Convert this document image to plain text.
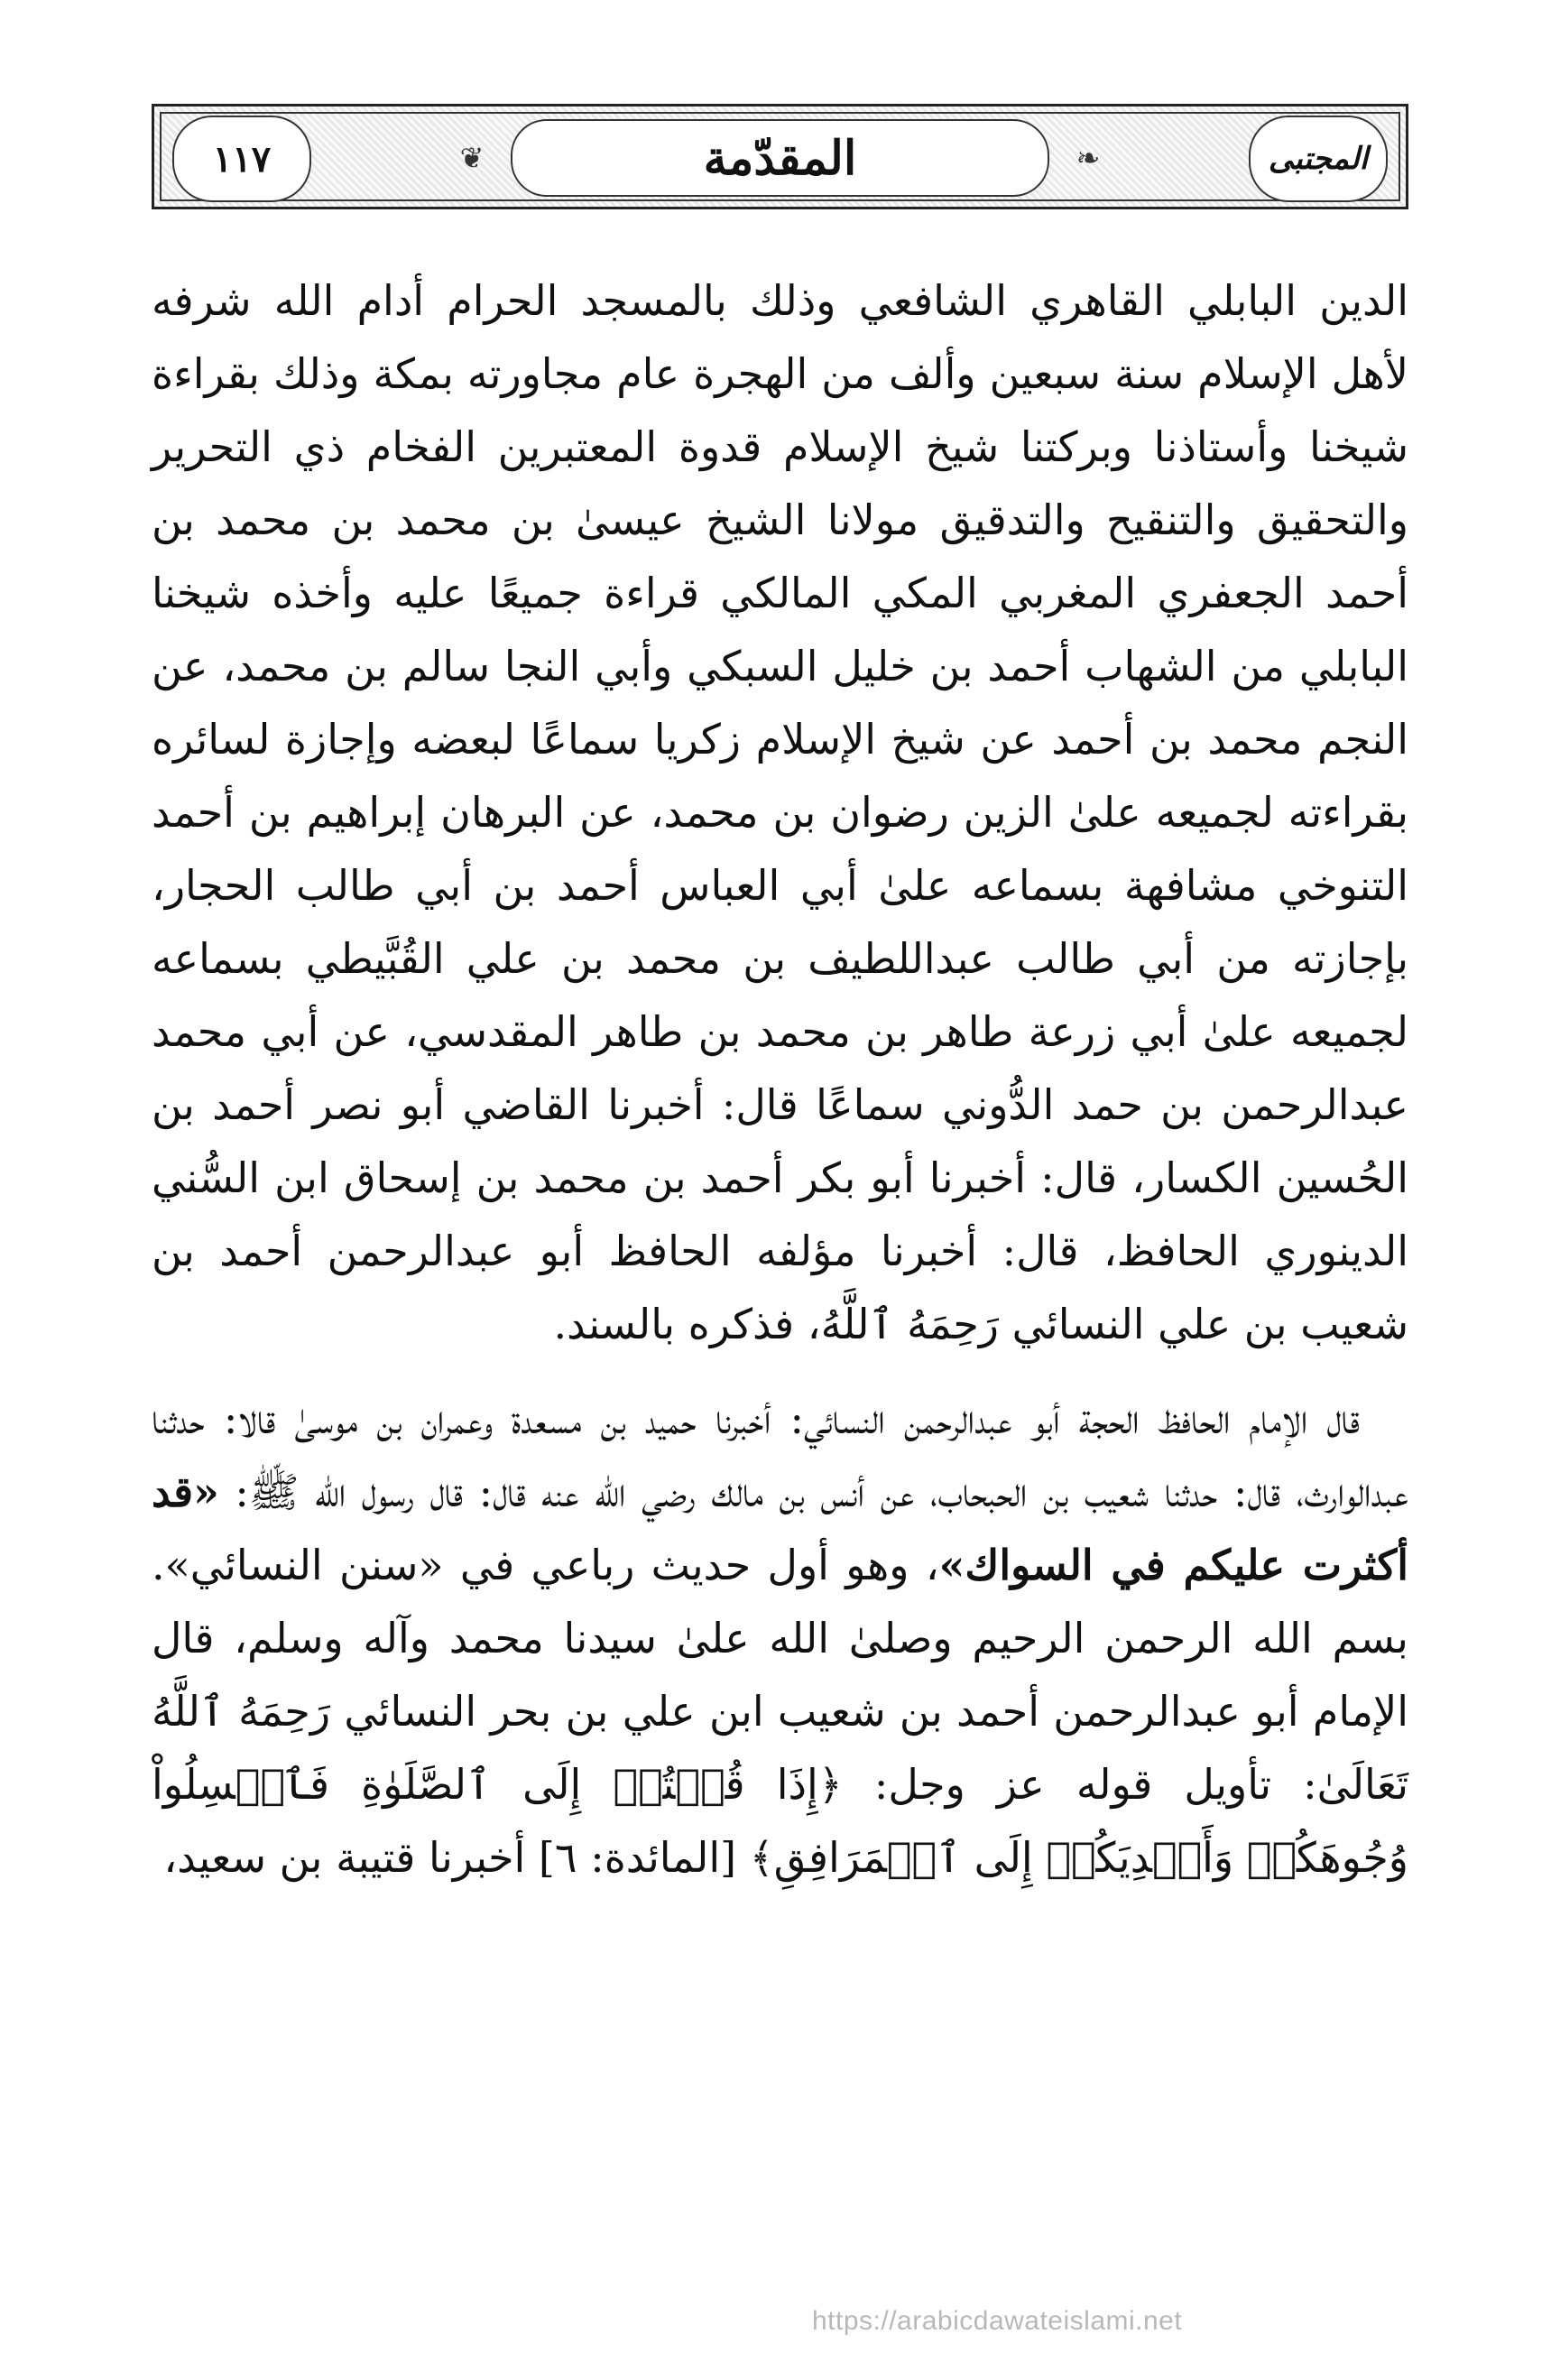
١١٧	❦	المقدّمة	❧	المجتبى

الدين البابلي القاهري الشافعي وذلك بالمسجد الحرام أدام الله شرفه لأهل الإسلام سنة سبعين وألف من الهجرة عام مجاورته بمكة وذلك بقراءة شيخنا وأستاذنا وبركتنا شيخ الإسلام قدوة المعتبرين الفخام ذي التحرير والتحقيق والتنقيح والتدقيق مولانا الشيخ عيسىٰ بن محمد بن محمد بن أحمد الجعفري المغربي المكي المالكي قراءة جميعًا عليه وأخذه شيخنا البابلي من الشهاب أحمد بن خليل السبكي وأبي النجا سالم بن محمد، عن النجم محمد بن أحمد عن شيخ الإسلام زكريا سماعًا لبعضه وإجازة لسائره بقراءته لجميعه علىٰ الزين رضوان بن محمد، عن البرهان إبراهيم بن أحمد التنوخي مشافهة بسماعه علىٰ أبي العباس أحمد بن أبي طالب الحجار، بإجازته من أبي طالب عبداللطيف بن محمد بن علي القُبَّيطي بسماعه لجميعه علىٰ أبي زرعة طاهر بن محمد بن طاهر المقدسي، عن أبي محمد عبدالرحمن بن حمد الدُّوني سماعًا قال: أخبرنا القاضي أبو نصر أحمد بن الحُسين الكسار، قال: أخبرنا أبو بكر أحمد بن محمد بن إسحاق ابن السُّني الدينوري الحافظ، قال: أخبرنا مؤلفه الحافظ أبو عبدالرحمن أحمد بن شعيب بن علي النسائي رَحِمَهُ ٱللَّهُ، فذكره بالسند.

قال الإمام الحافظ الحجة أبو عبدالرحمن النسائي: أخبرنا حميد بن مسعدة وعمران بن موسىٰ قالا: حدثنا عبدالوارث، قال: حدثنا شعيب بن الحبحاب، عن أنس بن مالك رضي الله عنه قال: قال رسول الله ﷺ: «قد أكثرت عليكم في السواك»، وهو أول حديث رباعي في «سنن النسائي». بسم الله الرحمن الرحيم وصلىٰ الله علىٰ سيدنا محمد وآله وسلم، قال الإمام أبو عبدالرحمن أحمد بن شعيب ابن علي بن بحر النسائي رَحِمَهُ ٱللَّهُ تَعَالَىٰ: تأويل قوله عز وجل: ﴿إِذَا قُمۡتُمۡ إِلَى ٱلصَّلَوٰةِ فَٱغۡسِلُواْ وُجُوهَكُمۡ وَأَيۡدِيَكُمۡ إِلَى ٱلۡمَرَافِقِ﴾ [المائدة: ٦] أخبرنا قتيبة بن سعيد،

https://arabicdawateislami.net
